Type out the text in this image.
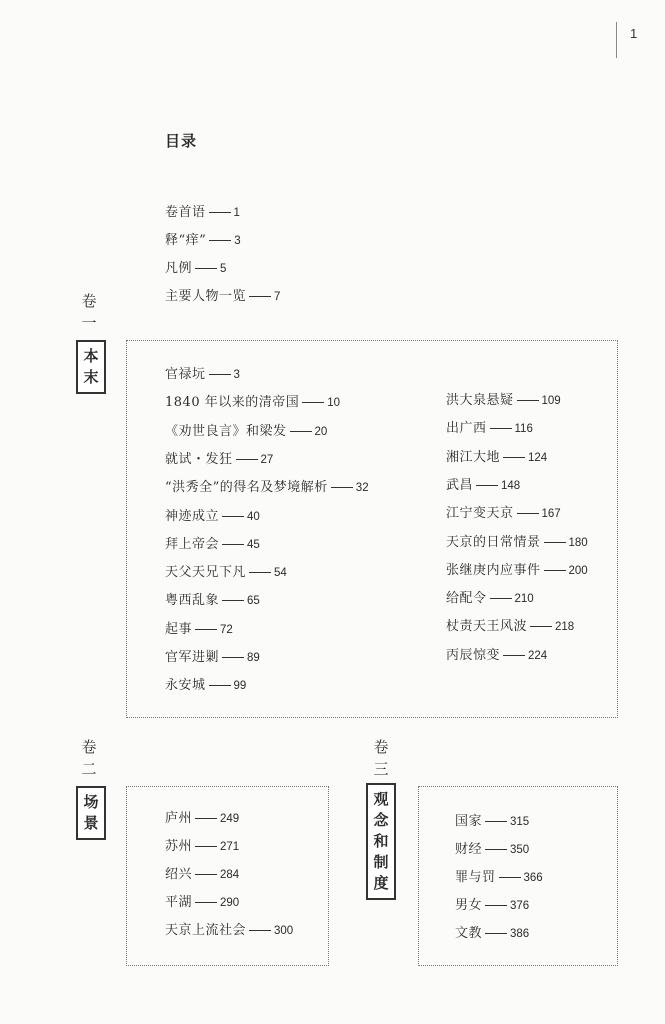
1
目录
卷首语 1
释“痒” 3
凡例 5
主要人物一览 7
卷
一
本
末	官禄坃 3
1840 年以来的清帝国 10
《劝世良言》和梁发 20
就试・发狂 27
“洪秀全”的得名及梦境解析 32
神迹成立 40
拜上帝会 45
天父天兄下凡 54
粤西乱象 65
起事 72
官军进剿 89
永安城 99
洪大泉悬疑 109
出广西 116
湘江大地 124
武昌 148
江宁变天京 167
天京的日常情景 180
张继庚内应事件 200
给配令 210
杖责天王风波 218
丙辰惊变 224
卷
二
场
景	庐州 249
苏州 271
绍兴 284
平湖 290
天京上流社会 300
卷
三
观
念
和
制
度
国家 315
财经 350
罪与罚 366
男女 376
文教 386
